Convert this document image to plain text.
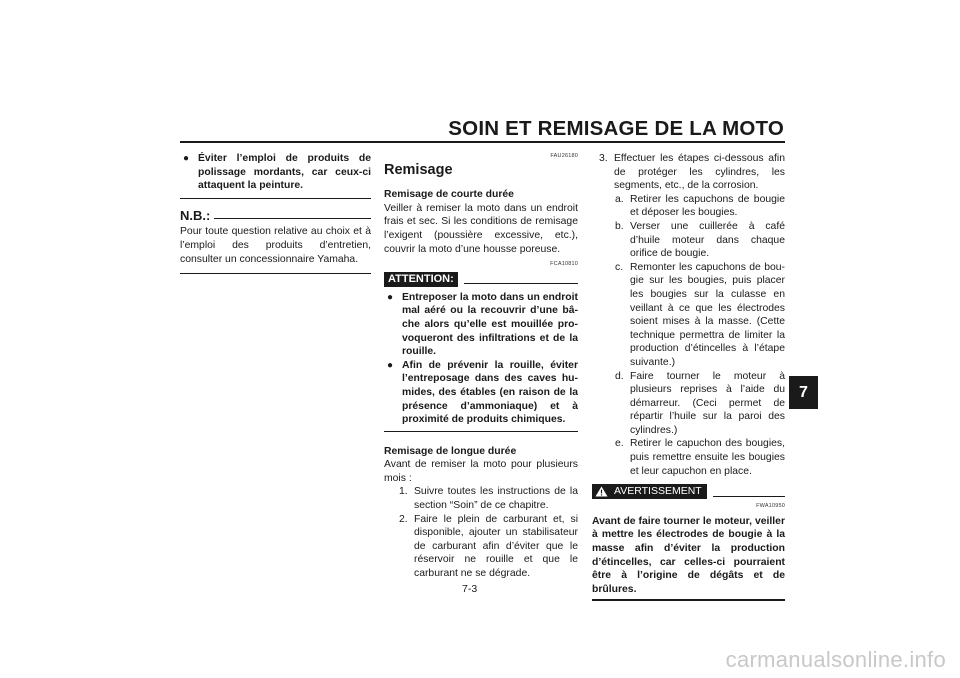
SOIN ET REMISAGE DE LA MOTO
7
● Éviter l’emploi de produits de polissage mordants, car ceux-ci attaquent la peinture.
N.B.:
Pour toute question relative au choix et à l’emploi des produits d’entretien, consulter un concessionnaire Yamaha.
FAU26180
Remisage
Remisage de courte durée
Veiller à remiser la moto dans un endroit frais et sec. Si les conditions de remisage l’exigent (poussière excessive, etc.), couvrir la moto d’une housse poreuse.
FCA10810
ATTENTION:
● Entreposer la moto dans un endroit mal aéré ou la recouvrir d’une bâche alors qu’elle est mouillée provoqueront des infiltrations et de la rouille.
● Afin de prévenir la rouille, éviter l’entreposage dans des caves humides, des étables (en raison de la présence d’ammoniaque) et à proximité de produits chimiques.
Remisage de longue durée
Avant de remiser la moto pour plusieurs mois :
1. Suivre toutes les instructions de la section “Soin” de ce chapitre.
2. Faire le plein de carburant et, si disponible, ajouter un stabilisateur de carburant afin d’éviter que le réservoir ne rouille et que le carburant ne se dégrade.
3. Effectuer les étapes ci-dessous afin de protéger les cylindres, les segments, etc., de la corrosion.
a. Retirer les capuchons de bougie et déposer les bougies.
b. Verser une cuillerée à café d’huile moteur dans chaque orifice de bougie.
c. Remonter les capuchons de bougie sur les bougies, puis placer les bougies sur la culasse en veillant à ce que les électrodes soient mises à la masse. (Cette technique permettra de limiter la production d’étincelles à l’étape suivante.)
d. Faire tourner le moteur à plusieurs reprises à l’aide du démarreur. (Ceci permet de répartir l’huile sur la paroi des cylindres.)
e. Retirer le capuchon des bougies, puis remettre ensuite les bougies et leur capuchon en place.
AVERTISSEMENT
FWA10950
Avant de faire tourner le moteur, veiller à mettre les électrodes de bougie à la masse afin d’éviter la production d’étincelles, car celles-ci pourraient être à l’origine de dégâts et de brûlures.
7-3
carmanualsonline.info
